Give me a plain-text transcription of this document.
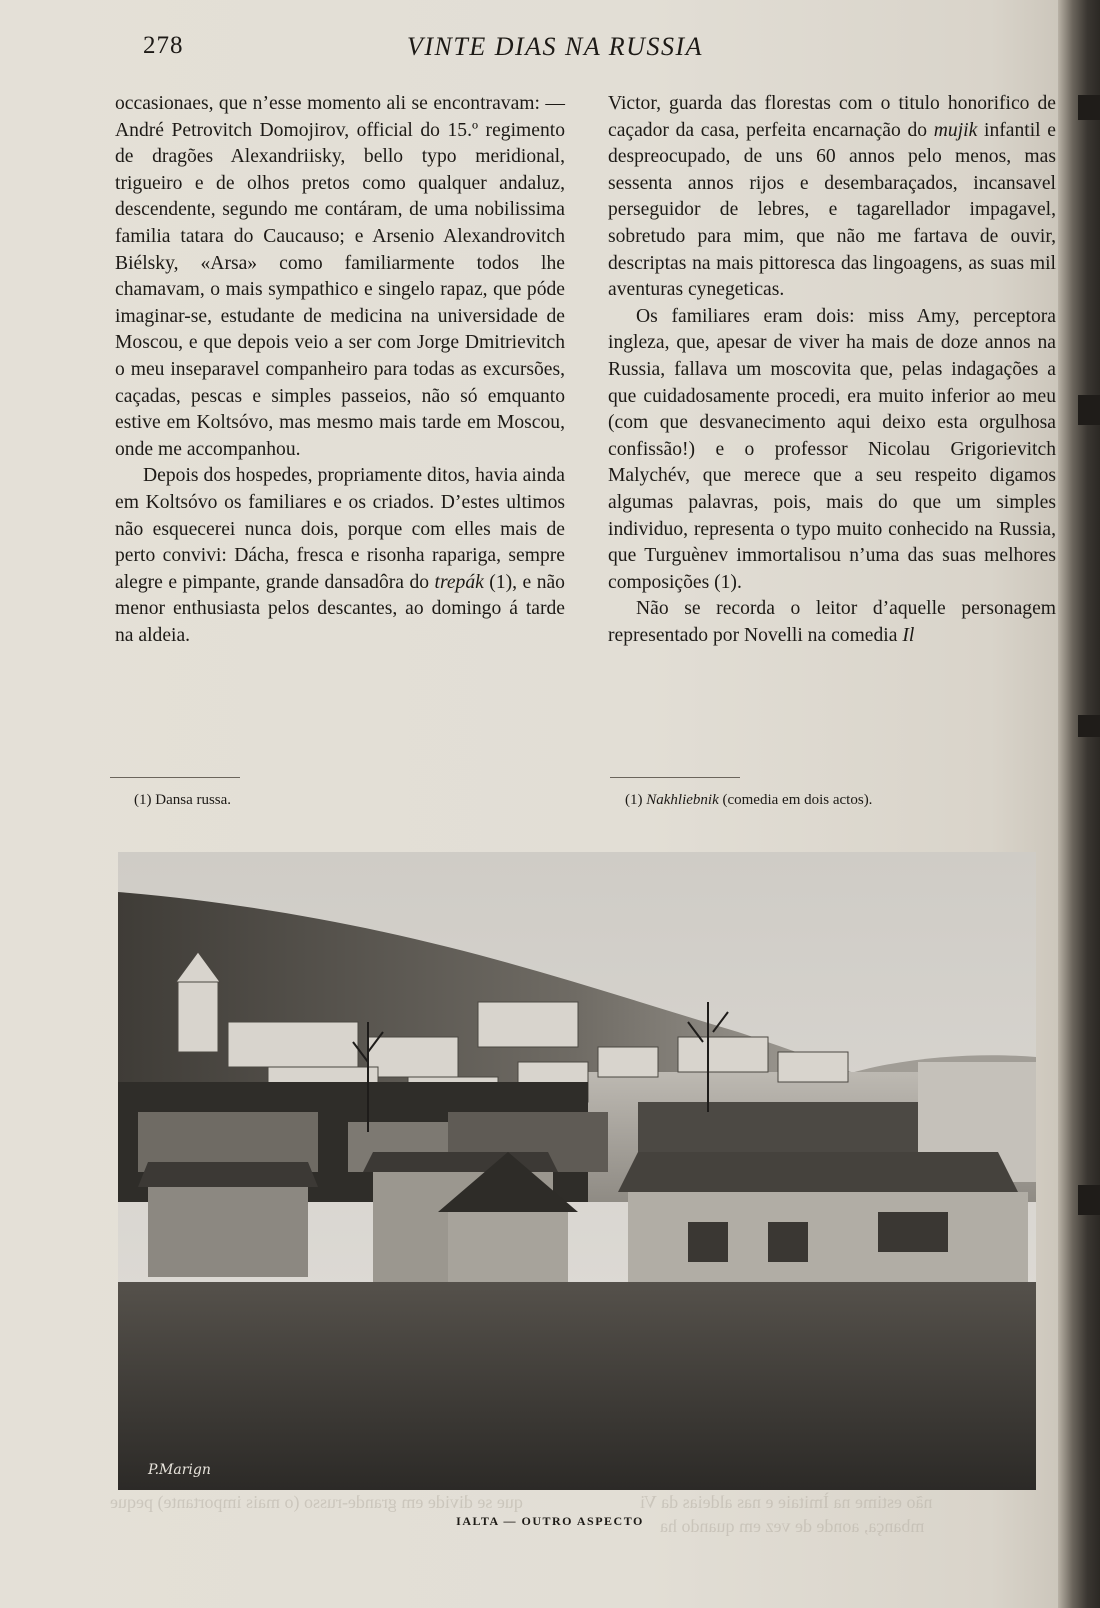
278	VINTE DIAS NA RUSSIA

occasionaes, que n’esse momento ali se encontravam: — André Petrovitch Domojirov, official do 15.º regimento de dragões Alexandriisky, bello typo meridional, trigueiro e de olhos pretos como qualquer andaluz, descendente, segundo me contáram, de uma nobilissima familia tatara do Caucauso; e Arsenio Alexandrovitch Biélsky, «Arsa» como familiarmente todos lhe chamavam, o mais sympathico e singelo rapaz, que póde imaginar-se, estudante de medicina na universidade de Moscou, e que depois veio a ser com Jorge Dmitrievitch o meu inseparavel companheiro para todas as excursões, caçadas, pescas e simples passeios, não só emquanto estive em Koltsóvo, mas mesmo mais tarde em Moscou, onde me accompanhou.

Depois dos hospedes, propriamente ditos, havia ainda em Koltsóvo os familiares e os criados. D’estes ultimos não esquecerei nunca dois, porque com elles mais de perto convivi: Dácha, fresca e risonha rapariga, sempre alegre e pimpante, grande dansadôra do trepák (1), e não menor enthusiasta pelos descantes, ao domingo á tarde na aldeia.

Victor, guarda das florestas com o titulo honorifico de caçador da casa, perfeita encarnação do mujik infantil e despreocupado, de uns 60 annos pelo menos, mas sessenta annos rijos e desembaraçados, incansavel perseguidor de lebres, e tagarellador impagavel, sobretudo para mim, que não me fartava de ouvir, descriptas na mais pittoresca das lingoagens, as suas mil aventuras cynegeticas.

Os familiares eram dois: miss Amy, perceptora ingleza, que, apesar de viver ha mais de doze annos na Russia, fallava um moscovita que, pelas indagações a que cuidadosamente procedi, era muito inferior ao meu (com que desvanecimento aqui deixo esta orgulhosa confissão!) e o professor Nicolau Grigorievitch Malychév, que merece que a seu respeito digamos algumas palavras, pois, mais do que um simples individuo, representa o typo muito conhecido na Russia, que Turguènev immortalisou n’uma das suas melhores composições (1).

Não se recorda o leitor d’aquelle personagem representado por Novelli na comedia Il

(1) Dansa russa.	(1) Nakhliebnik (comedia em dois actos).
P.Marign
IALTA — OUTRO ASPECTO
que se divide em grande-russo (o mais importante) peque	não estime na Ìmitaie e nas aldeias da Vi
mbança, aonde de vez em quando ha
